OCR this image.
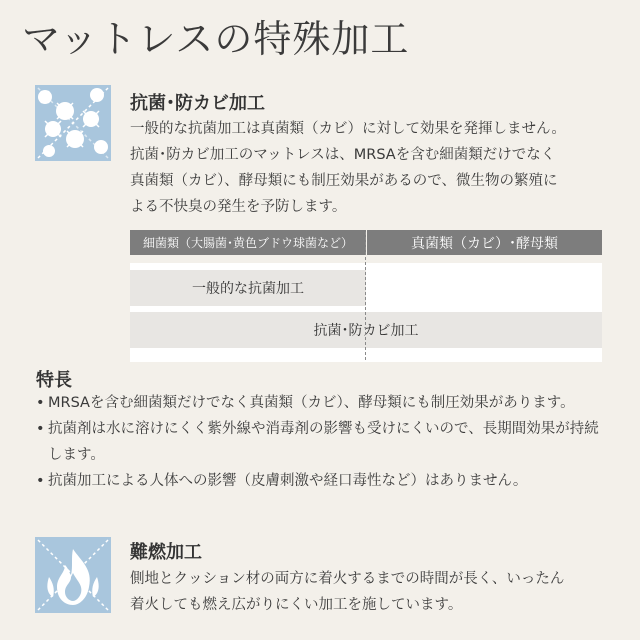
マットレスの特殊加工
抗菌･防カビ加工
一般的な抗菌加工は真菌類（カビ）に対して効果を発揮しません。
抗菌･防カビ加工のマットレスは、MRSAを含む細菌類だけでなく
真菌類（カビ）、酵母類にも制圧効果があるので、微生物の繁殖に
よる不快臭の発生を予防します。
細菌類（大腸菌･黄色ブドウ球菌など）	真菌類（カビ）･酵母類
一般的な抗菌加工
抗菌･防カビ加工
特長
• MRSAを含む細菌類だけでなく真菌類（カビ）、酵母類にも制圧効果があります。
• 抗菌剤は水に溶けにくく紫外線や消毒剤の影響も受けにくいので、長期間効果が持続します。
• 抗菌加工による人体への影響（皮膚刺激や経口毒性など）はありません。
難燃加工
側地とクッション材の両方に着火するまでの時間が長く、いったん
着火しても燃え広がりにくい加工を施しています。
